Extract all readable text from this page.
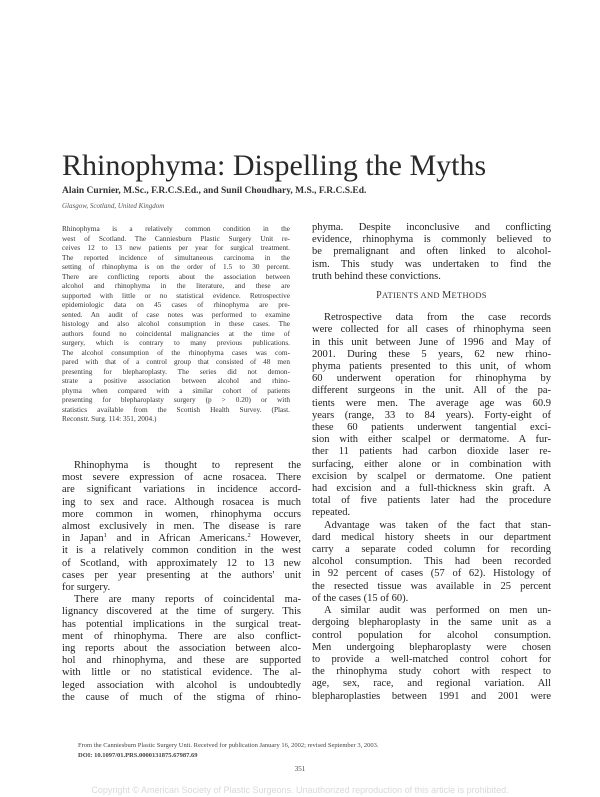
Rhinophyma: Dispelling the Myths
Alain Curnier, M.Sc., F.R.C.S.Ed., and Sunil Choudhary, M.S., F.R.C.S.Ed.
Glasgow, Scotland, United Kingdom
Rhinophyma is a relatively common condition in the
west of Scotland. The Canniesburn Plastic Surgery Unit re-
ceives 12 to 13 new patients per year for surgical treatment.
The reported incidence of simultaneous carcinoma in the
setting of rhinophyma is on the order of 1.5 to 30 percent.
There are conflicting reports about the association between
alcohol and rhinophyma in the literature, and these are
supported with little or no statistical evidence. Retrospective
epidemiologic data on 45 cases of rhinophyma are pre-
sented. An audit of case notes was performed to examine
histology and also alcohol consumption in these cases. The
authors found no coincidental malignancies at the time of
surgery, which is contrary to many previous publications.
The alcohol consumption of the rhinophyma cases was com-
pared with that of a control group that consisted of 48 men
presenting for blepharoplasty. The series did not demon-
strate a positive association between alcohol and rhino-
phyma when compared with a similar cohort of patients
presenting for blepharoplasty surgery (p > 0.20) or with
statistics available from the Scottish Health Survey. (Plast.
Reconstr. Surg. 114: 351, 2004.)
Rhinophyma is thought to represent the
most severe expression of acne rosacea. There
are significant variations in incidence accord-
ing to sex and race. Although rosacea is much
more common in women, rhinophyma occurs
almost exclusively in men. The disease is rare
in Japan$^1$ and in African Americans.$^2$ However,
it is a relatively common condition in the west
of Scotland, with approximately 12 to 13 new
cases per year presenting at the authors' unit
for surgery.
There are many reports of coincidental ma-
lignancy discovered at the time of surgery. This
has potential implications in the surgical treat-
ment of rhinophyma. There are also conflict-
ing reports about the association between alco-
hol and rhinophyma, and these are supported
with little or no statistical evidence. The al-
leged association with alcohol is undoubtedly
the cause of much of the stigma of rhino-
phyma. Despite inconclusive and conflicting
evidence, rhinophyma is commonly believed to
be premalignant and often linked to alcohol-
ism. This study was undertaken to find the
truth behind these convictions.
PATIENTS AND METHODS
Retrospective data from the case records
were collected for all cases of rhinophyma seen
in this unit between June of 1996 and May of
2001. During these 5 years, 62 new rhino-
phyma patients presented to this unit, of whom
60 underwent operation for rhinophyma by
different surgeons in the unit. All of the pa-
tients were men. The average age was 60.9
years (range, 33 to 84 years). Forty-eight of
these 60 patients underwent tangential exci-
sion with either scalpel or dermatome. A fur-
ther 11 patients had carbon dioxide laser re-
surfacing, either alone or in combination with
excision by scalpel or dermatome. One patient
had excision and a full-thickness skin graft. A
total of five patients later had the procedure
repeated.
Advantage was taken of the fact that stan-
dard medical history sheets in our department
carry a separate coded column for recording
alcohol consumption. This had been recorded
in 92 percent of cases (57 of 62). Histology of
the resected tissue was available in 25 percent
of the cases (15 of 60).
A similar audit was performed on men un-
dergoing blepharoplasty in the same unit as a
control population for alcohol consumption.
Men undergoing blepharoplasty were chosen
to provide a well-matched control cohort for
the rhinophyma study cohort with respect to
age, sex, race, and regional variation. All
blepharoplasties between 1991 and 2001 were
From the Canniesburn Plastic Surgery Unit. Received for publication January 16, 2002; revised September 3, 2003.
DOI: 10.1097/01.PRS.0000131875.67987.69
351
Copyright © American Society of Plastic Surgeons. Unauthorized reproduction of this article is prohibited.
